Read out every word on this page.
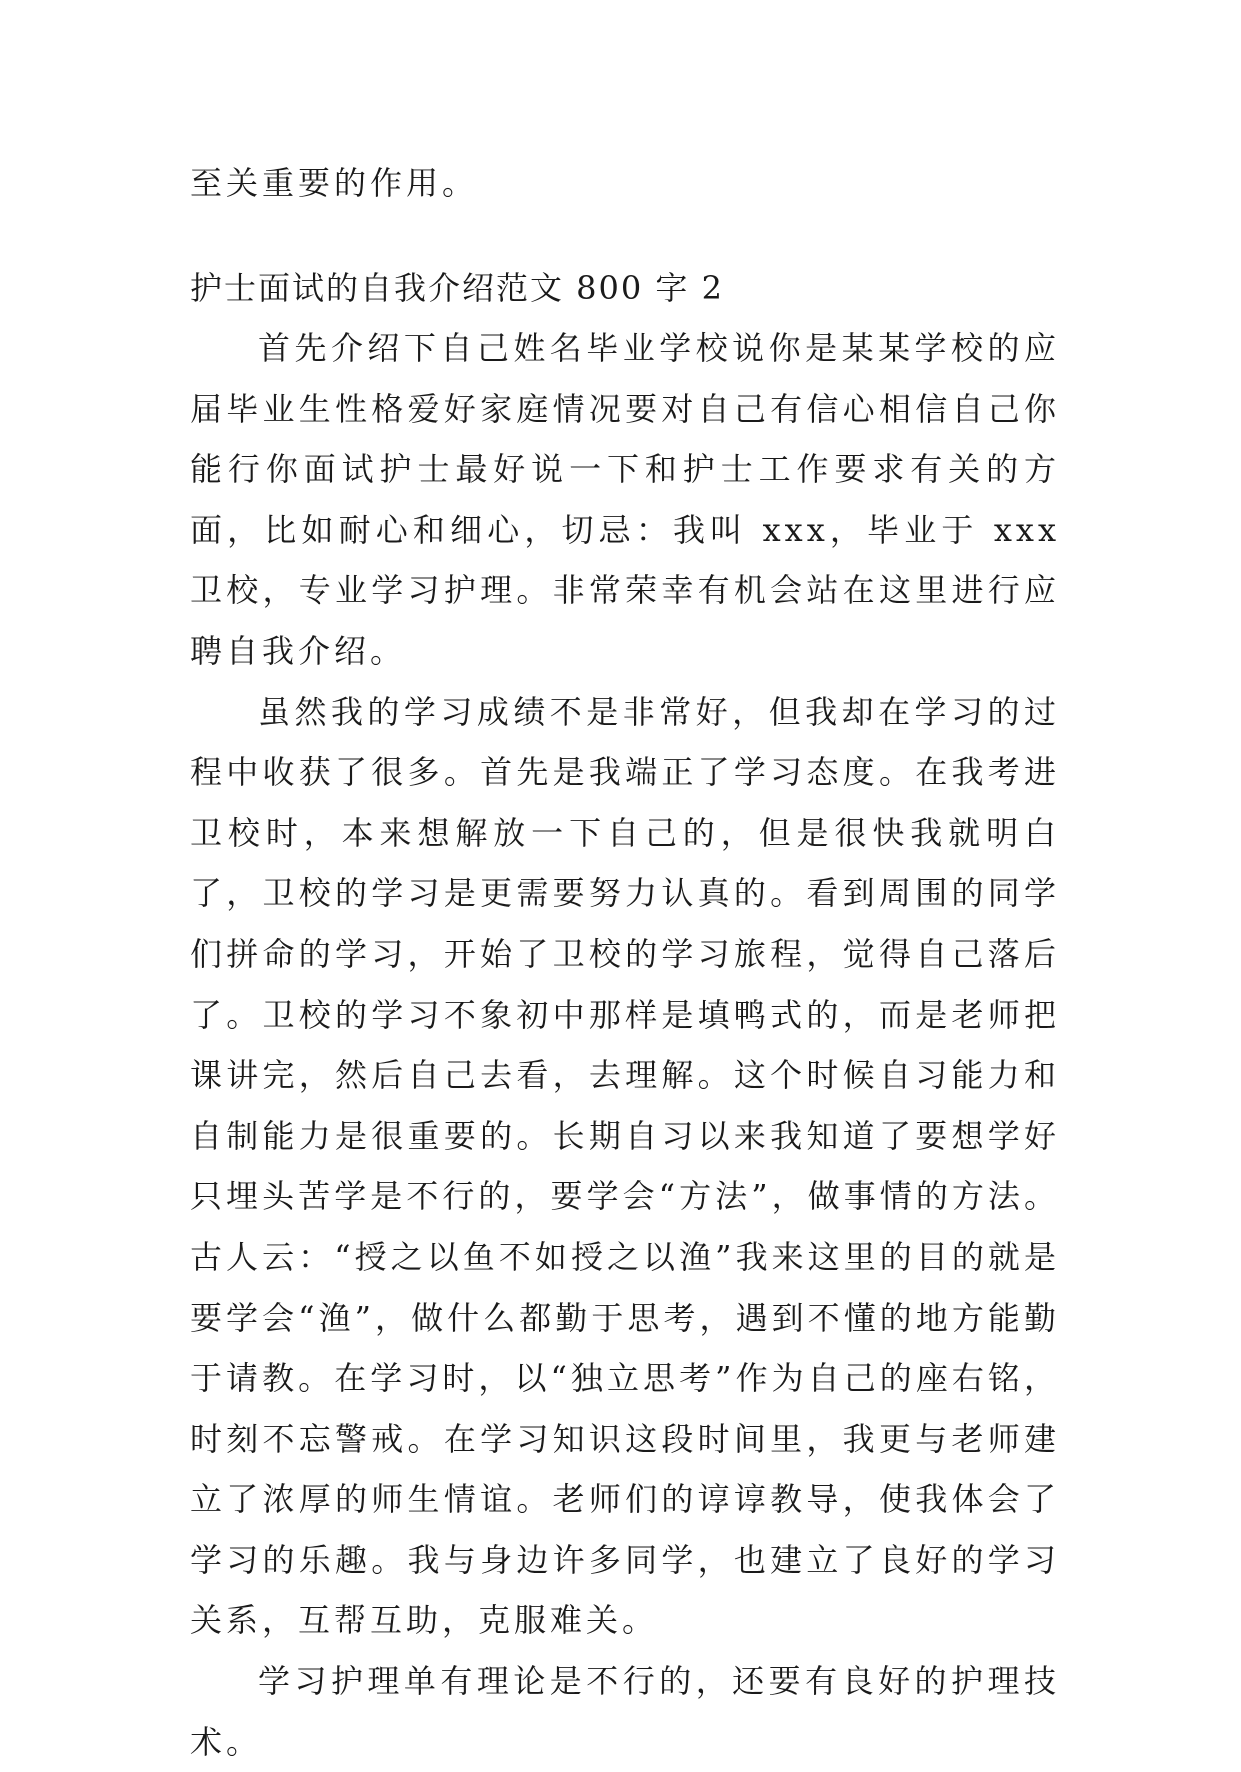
至关重要的作用。

护士面试的自我介绍范文 800 字 2

首先介绍下自己姓名毕业学校说你是某某学校的应届毕业生性格爱好家庭情况要对自己有信心相信自己你能行你面试护士最好说一下和护士工作要求有关的方面，比如耐心和细心，切忌：我叫 xxx，毕业于 xxx 卫校，专业学习护理。非常荣幸有机会站在这里进行应聘自我介绍。

虽然我的学习成绩不是非常好，但我却在学习的过程中收获了很多。首先是我端正了学习态度。在我考进卫校时，本来想解放一下自己的，但是很快我就明白了，卫校的学习是更需要努力认真的。看到周围的同学们拼命的学习，开始了卫校的学习旅程，觉得自己落后了。卫校的学习不象初中那样是填鸭式的，而是老师把课讲完，然后自己去看，去理解。这个时候自习能力和自制能力是很重要的。长期自习以来我知道了要想学好只埋头苦学是不行的，要学会“方法”，做事情的方法。古人云：“授之以鱼不如授之以渔”我来这里的目的就是要学会“渔”，做什么都勤于思考，遇到不懂的地方能勤于请教。在学习时，以“独立思考”作为自己的座右铭，时刻不忘警戒。在学习知识这段时间里，我更与老师建立了浓厚的师生情谊。老师们的谆谆教导，使我体会了学习的乐趣。我与身边许多同学，也建立了良好的学习关系，互帮互助，克服难关。

学习护理单有理论是不行的，还要有良好的护理技术。
